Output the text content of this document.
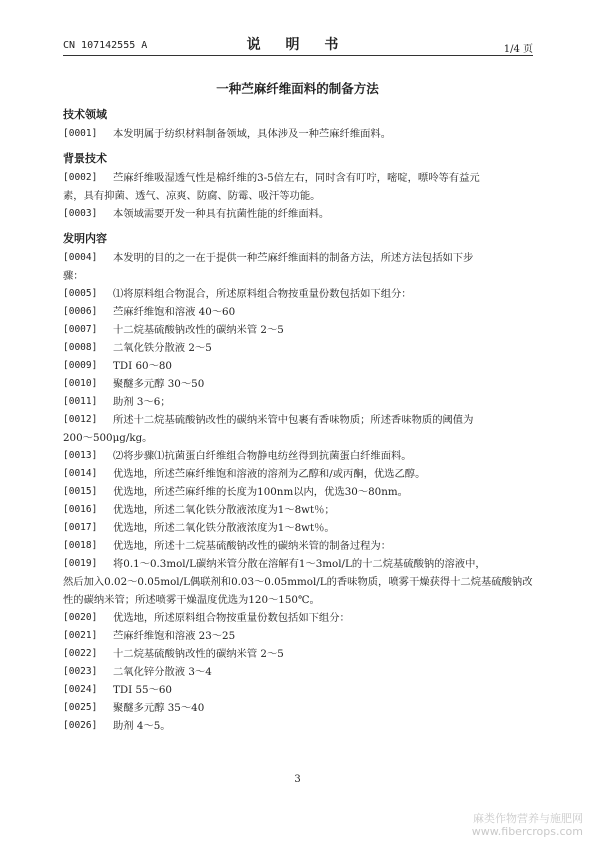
CN 107142555 A	说 明 书	1/4 页
一种苎麻纤维面料的制备方法
技术领域
[0001]	本发明属于纺织材料制备领域，具体涉及一种苎麻纤维面料。
背景技术
[0002]	苎麻纤维吸湿透气性是棉纤维的3-5倍左右，同时含有叮咛，嘧啶，嘌呤等有益元
素，具有抑菌、透气、凉爽、防腐、防霉、吸汗等功能。
[0003]	本领域需要开发一种具有抗菌性能的纤维面料。
发明内容
[0004]	本发明的目的之一在于提供一种苎麻纤维面料的制备方法，所述方法包括如下步
骤：
[0005]	⑴将原料组合物混合，所述原料组合物按重量份数包括如下组分：
[0006]	苎麻纤维饱和溶液 40～60
[0007]	十二烷基硫酸钠改性的碳纳米管 2～5
[0008]	二氧化铁分散液 2～5
[0009]	TDI 60～80
[0010]	聚醚多元醇 30～50
[0011]	助剂 3～6；
[0012]	所述十二烷基硫酸钠改性的碳纳米管中包裹有香味物质；所述香味物质的阈值为
200～500μg/kg。
[0013]	⑵将步骤⑴抗菌蛋白纤维组合物静电纺丝得到抗菌蛋白纤维面料。
[0014]	优选地，所述苎麻纤维饱和溶液的溶剂为乙醇和/或丙酮，优选乙醇。
[0015]	优选地，所述苎麻纤维的长度为100nm以内，优选30～80nm。
[0016]	优选地，所述二氧化铁分散液浓度为1～8wt％；
[0017]	优选地，所述二氧化铁分散液浓度为1～8wt％。
[0018]	优选地，所述十二烷基硫酸钠改性的碳纳米管的制备过程为：
[0019]	将0.1～0.3mol/L碳纳米管分散在溶解有1～3mol/L的十二烷基硫酸钠的溶液中，
然后加入0.02～0.05mol/L偶联剂和0.03～0.05mmol/L的香味物质，喷雾干燥获得十二烷基硫酸钠改性的碳纳米管；所述喷雾干燥温度优选为120～150℃。
[0020]	优选地，所述原料组合物按重量份数包括如下组分：
[0021]	苎麻纤维饱和溶液 23～25
[0022]	十二烷基硫酸钠改性的碳纳米管 2～5
[0023]	二氧化锌分散液 3～4
[0024]	TDI 55～60
[0025]	聚醚多元醇 35～40
[0026]	助剂 4～5。
3
麻类作物营养与施肥网
www.fibercrops.com
